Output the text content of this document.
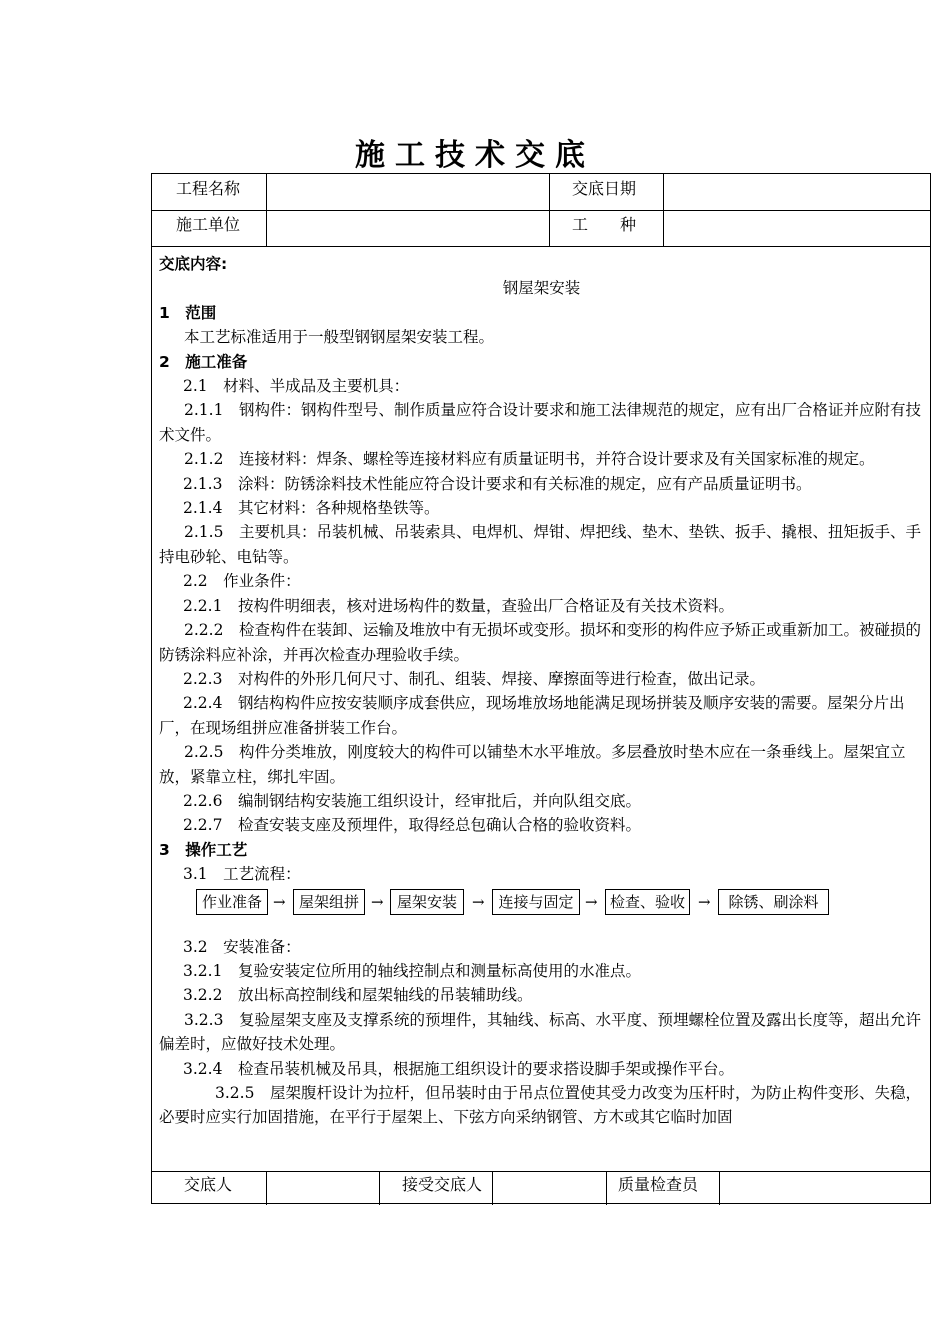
施工技术交底
工程名称	交底日期
施工单位	工　　种
交底人	接受交底人	质量检查员

交底内容:

钢屋架安装

1　范围

本工艺标准适用于一般型钢钢屋架安装工程。

2　施工准备

2.1　材料、半成品及主要机具：

2.1.1　钢构件：钢构件型号、制作质量应符合设计要求和施工法律规范的规定，应有出厂合格证并应附有技术文件。

2.1.2　连接材料：焊条、螺栓等连接材料应有质量证明书，并符合设计要求及有关国家标准的规定。

2.1.3　涂料：防锈涂料技术性能应符合设计要求和有关标准的规定，应有产品质量证明书。

2.1.4　其它材料：各种规格垫铁等。

2.1.5　主要机具：吊装机械、吊装索具、电焊机、焊钳、焊把线、垫木、垫铁、扳手、撬根、扭矩扳手、手持电砂轮、电钻等。

2.2　作业条件：

2.2.1　按构件明细表，核对进场构件的数量，查验出厂合格证及有关技术资料。

2.2.2　检查构件在装卸、运输及堆放中有无损坏或变形。损坏和变形的构件应予矫正或重新加工。被碰损的防锈涂料应补涂，并再次检查办理验收手续。

2.2.3　对构件的外形几何尺寸、制孔、组装、焊接、摩擦面等进行检查，做出记录。

2.2.4　钢结构构件应按安装顺序成套供应，现场堆放场地能满足现场拼装及顺序安装的需要。屋架分片出厂，在现场组拼应准备拼装工作台。

2.2.5　构件分类堆放，刚度较大的构件可以铺垫木水平堆放。多层叠放时垫木应在一条垂线上。屋架宜立放，紧靠立柱，绑扎牢固。

2.2.6　编制钢结构安装施工组织设计，经审批后，并向队组交底。

2.2.7　检查安装支座及预埋件，取得经总包确认合格的验收资料。

3　操作工艺

3.1　工艺流程：

作业准备 → 屋架组拼 → 屋架安装	→ 连接与固定 → 检查、验收 →	除锈、刷涂料

3.2　安装准备：

3.2.1　复验安装定位所用的轴线控制点和测量标高使用的水准点。

3.2.2　放出标高控制线和屋架轴线的吊装辅助线。

3.2.3　复验屋架支座及支撑系统的预埋件，其轴线、标高、水平度、预埋螺栓位置及露出长度等，超出允许偏差时，应做好技术处理。

3.2.4　检查吊装机械及吊具，根据施工组织设计的要求搭设脚手架或操作平台。

3.2.5　屋架腹杆设计为拉杆，但吊装时由于吊点位置使其受力改变为压杆时，为防止构件变形、失稳，必要时应实行加固措施，在平行于屋架上、下弦方向采纳钢管、方木或其它临时加固
